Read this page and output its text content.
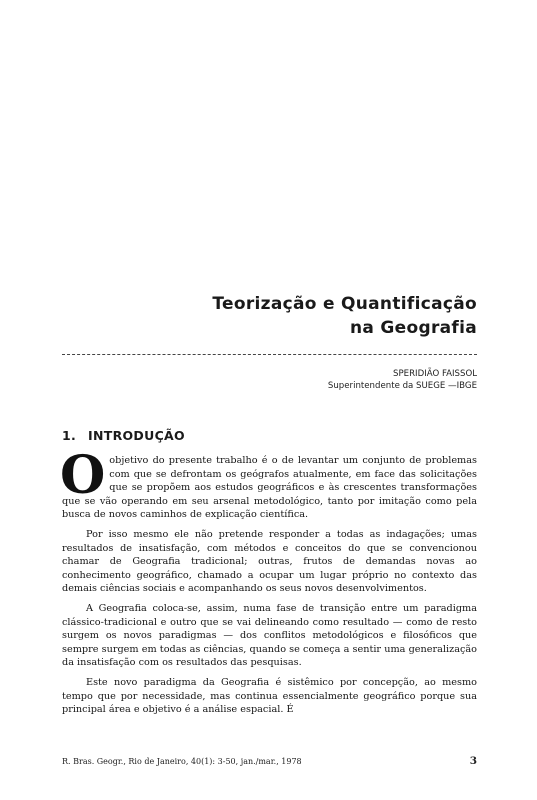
Teorização e Quantificação
na Geografia
SPERIDIÃO FAISSOL
Superintendente da SUEGE —IBGE
1. INTRODUÇÃO

Oobjetivo do presente trabalho é o de levantar um conjunto de problemas com que se defrontam os geógrafos atualmente, em face das solicitações que se propõem aos estudos geográficos e às crescentes transformações que se vão operando em seu arsenal metodológico, tanto por imitação como pela busca de novos caminhos de explicação científica.

Por isso mesmo ele não pretende responder a todas as indagações; umas resultados de insatisfação, com métodos e conceitos do que se convencionou chamar de Geografia tradicional; outras, frutos de demandas novas ao conhecimento geográfico, chamado a ocupar um lugar próprio no contexto das demais ciências sociais e acompanhando os seus novos desenvolvimentos.

A Geografia coloca-se, assim, numa fase de transição entre um paradigma clássico-tradicional e outro que se vai delineando como resultado — como de resto surgem os novos paradigmas — dos conflitos metodológicos e filosóficos que sempre surgem em todas as ciências, quando se começa a sentir uma generalização da insatisfação com os resultados das pesquisas.

Este novo paradigma da Geografia é sistêmico por concepção, ao mesmo tempo que por necessidade, mas continua essencialmente geográfico porque sua principal área e objetivo é a análise espacial. É

R. Bras. Geogr., Rio de Janeiro, 40(1): 3-50, jan./mar., 1978	3
